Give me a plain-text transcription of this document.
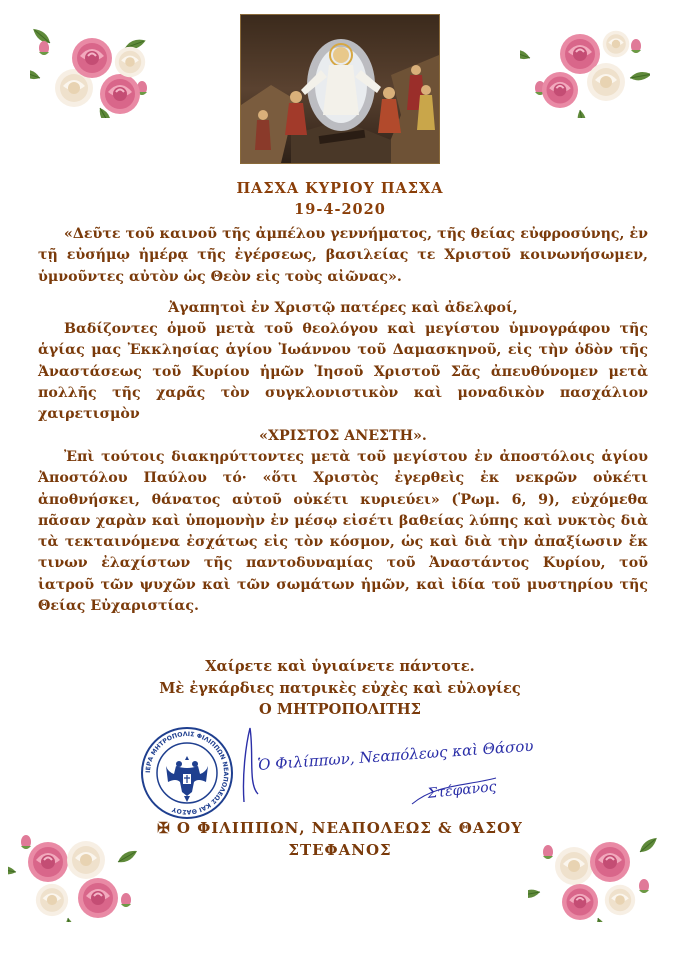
ΠΑΣΧΑ ΚΥΡΙΟΥ ΠΑΣΧΑ
19-4-2020
«Δεῦτε τοῦ καινοῦ τῆς ἀμπέλου γεννήματος, τῆς θείας εὐφροσύνης, ἐν τῇ εὐσήμῳ ἡμέρᾳ τῆς ἐγέρσεως, βασιλείας τε Χριστοῦ κοινωνήσωμεν, ὑμνοῦντες αὐτὸν ὡς Θεὸν εἰς τοὺς αἰῶνας».
Ἀγαπητοὶ ἐν Χριστῷ πατέρες καὶ ἀδελφοί,
Βαδίζοντες ὁμοῦ μετὰ τοῦ θεολόγου καὶ μεγίστου ὑμνογράφου τῆς ἁγίας μας Ἐκκλησίας ἁγίου Ἰωάννου τοῦ Δαμασκηνοῦ, εἰς τὴν ὁδὸν τῆς Ἀναστάσεως τοῦ Κυρίου ἡμῶν Ἰησοῦ Χριστοῦ Σᾶς ἀπευθύνομεν μετὰ πολλῆς τῆς χαρᾶς τὸν συγκλονιστικὸν καὶ μοναδικὸν πασχάλιον χαιρετισμὸν
«ΧΡΙΣΤΟΣ ΑΝΕΣΤΗ».
Ἐπὶ τούτοις διακηρύττοντες μετὰ τοῦ μεγίστου ἐν ἀποστόλοις ἁγίου Ἀποστόλου Παύλου τό· «ὅτι Χριστὸς ἐγερθεὶς ἐκ νεκρῶν οὐκέτι ἀποθνήσκει, θάνατος αὐτοῦ οὐκέτι κυριεύει» (Ῥωμ. 6, 9), εὐχόμεθα πᾶσαν χαρὰν καὶ ὑπομονὴν ἐν μέσῳ εἰσέτι βαθείας λύπης καὶ νυκτὸς διὰ τὰ τεκταινόμενα ἐσχάτως εἰς τὸν κόσμον, ὡς καὶ διὰ τὴν ἀπαξίωσιν ἔκ τινων ἐλαχίστων τῆς παντοδυναμίας τοῦ Ἀναστάντος Κυρίου, τοῦ ἰατροῦ τῶν ψυχῶν καὶ τῶν σωμάτων ἡμῶν, καὶ ἰδία τοῦ μυστηρίου τῆς Θείας Εὐχαριστίας.
Χαίρετε καὶ ὑγιαίνετε πάντοτε.
Μὲ ἐγκάρδιες πατρικὲς εὐχὲς καὶ εὐλογίες
Ο ΜΗΤΡΟΠΟΛΙΤΗΣ
ΙΕΡΑ ΜΗΤΡΟΠΟΛΙΣ ΦΙΛΙΠΠΩΝ ΝΕΑΠΟΛΕΩΣ ΚΑΙ ΘΑΣΟΥ
Ὁ Φιλίππων, Νεαπόλεως καὶ Θάσου
Στέφανος
✠ Ο ΦΙΛΙΠΠΩΝ, ΝΕΑΠΟΛΕΩΣ & ΘΑΣΟΥ
ΣΤΕΦΑΝΟΣ
